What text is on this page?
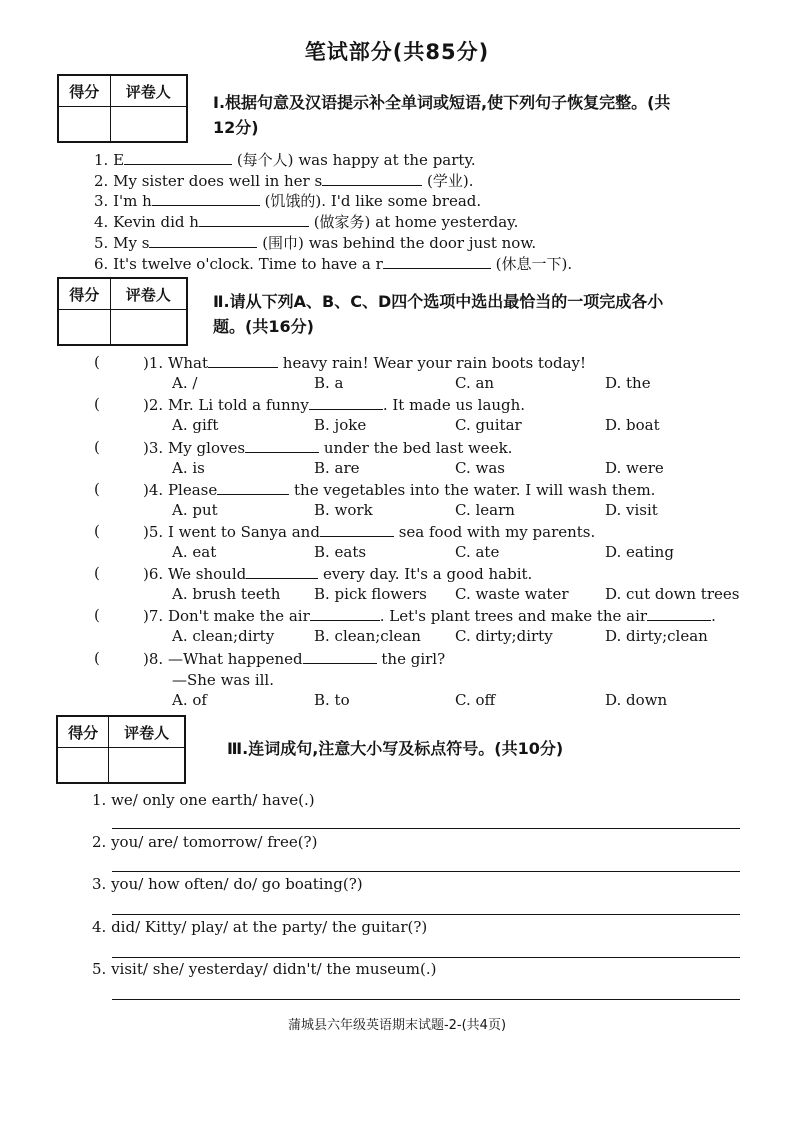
笔试部分(共85分)
得分	评卷人

Ⅰ.根据句意及汉语提示补全单词或短语,使下列句子恢复完整。(共
12分)
1. E	(每个人) was happy at the party.
2. My sister does well in her s	(学业).
3. I'm h	(饥饿的). I'd like some bread.
4. Kevin did h	(做家务) at home yesterday.
5. My s	(围巾) was behind the door just now.
6. It's twelve o'clock. Time to have a r	(休息一下).
得分	评卷人
		Ⅱ.请从下列A、B、C、D四个选项中选出最恰当的一项完成各小
题。(共16分)
(	)1. What	heavy rain! Wear your rain boots today!
A. /	B. a	C. an	D. the
(	)2. Mr. Li told a funny	. It made us laugh.
A. gift	B. joke	C. guitar	D. boat
(	)3. My gloves	under the bed last week.
A. is	B. are	C. was	D. were
(	)4. Please	the vegetables into the water. I will wash them.
A. put	B. work	C. learn	D. visit
(	)5. I went to Sanya and	sea food with my parents.
A. eat	B. eats	C. ate	D. eating
(	)6. We should	every day. It's a good habit.
A. brush teeth B. pick flowers C. waste water D. cut down trees
(	)7. Don't make the air	. Let's plant trees and make the air	.
A. clean;dirty	B. clean;clean C. dirty;dirty	D. dirty;clean
(	)8. —What happened	the girl?
—She was ill.
A. of	B. to	C. off	D. down
得分	评卷人

Ⅲ.连词成句,注意大小写及标点符号。(共10分)
1. we/ only one earth/ have(.)
2. you/ are/ tomorrow/ free(?)
3. you/ how often/ do/ go boating(?)
4. did/ Kitty/ play/ at the party/ the guitar(?)
5. visit/ she/ yesterday/ didn't/ the museum(.)
蒲城县六年级英语期末试题-2-(共4页)
